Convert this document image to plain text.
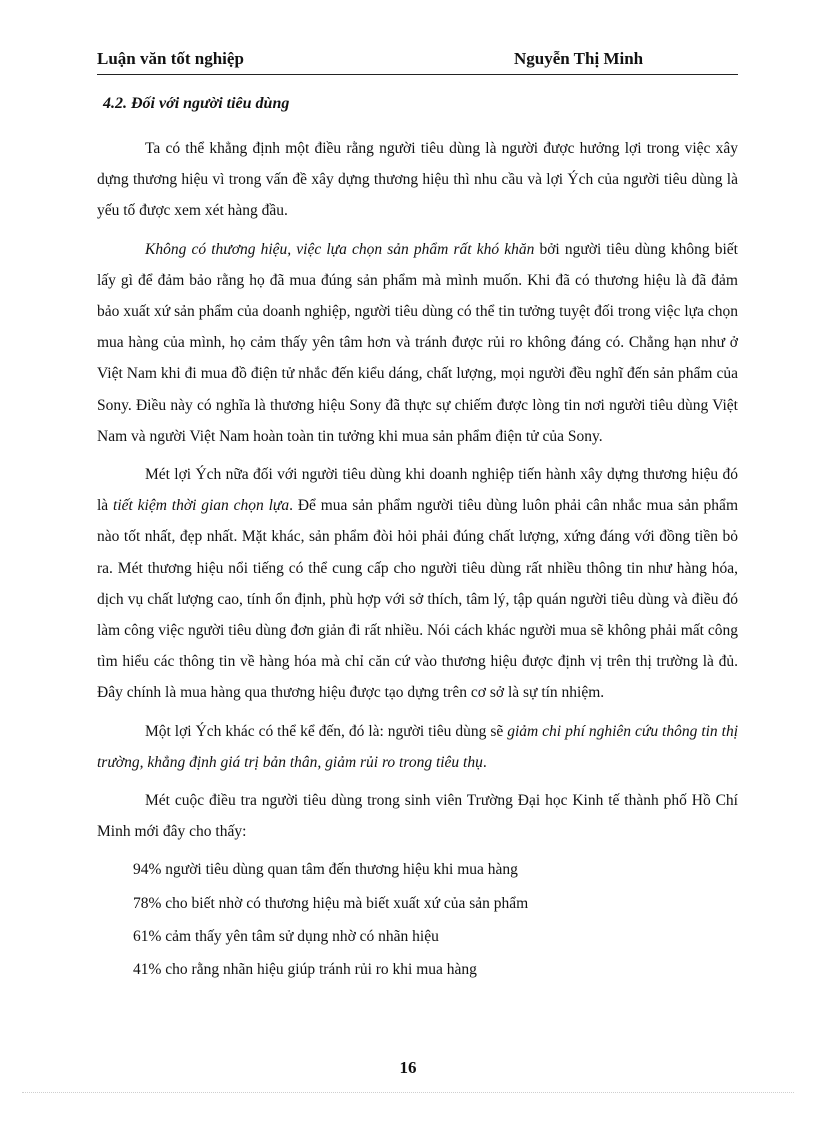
Luận văn tốt nghiệp	Nguyễn Thị Minh
4.2. Đối với người tiêu dùng

Ta có thể khẳng định một điều rằng người tiêu dùng là người được hưởng lợi trong việc xây dựng thương hiệu vì trong vấn đề xây dựng thương hiệu thì nhu cầu và lợi Ých của người tiêu dùng là yếu tố được xem xét hàng đầu.

Không có thương hiệu, việc lựa chọn sản phẩm rất khó khăn bởi người tiêu dùng không biết lấy gì để đảm bảo rằng họ đã mua đúng sản phẩm mà mình muốn. Khi đã có thương hiệu là đã đảm bảo xuất xứ sản phẩm của doanh nghiệp, người tiêu dùng có thể tin tưởng tuyệt đối trong việc lựa chọn mua hàng của mình, họ cảm thấy yên tâm hơn và tránh được rủi ro không đáng có. Chẳng hạn như ở Việt Nam khi đi mua đồ điện tử nhắc đến kiểu dáng, chất lượng, mọi người đều nghĩ đến sản phẩm của Sony. Điều này có nghĩa là thương hiệu Sony đã thực sự chiếm được lòng tin nơi người tiêu dùng Việt Nam và người Việt Nam hoàn toàn tin tưởng khi mua sản phẩm điện tử của Sony.

Mét lợi Ých nữa đối với người tiêu dùng khi doanh nghiệp tiến hành xây dựng thương hiệu đó là tiết kiệm thời gian chọn lựa. Để mua sản phẩm người tiêu dùng luôn phải cân nhắc mua sản phẩm nào tốt nhất, đẹp nhất. Mặt khác, sản phẩm đòi hỏi phải đúng chất lượng, xứng đáng với đồng tiền bỏ ra. Mét thương hiệu nổi tiếng có thể cung cấp cho người tiêu dùng rất nhiều thông tin như hàng hóa, dịch vụ chất lượng cao, tính ổn định, phù hợp với sở thích, tâm lý, tập quán người tiêu dùng và điều đó làm công việc người tiêu dùng đơn giản đi rất nhiều. Nói cách khác người mua sẽ không phải mất công tìm hiểu các thông tin về hàng hóa mà chỉ căn cứ vào thương hiệu được định vị trên thị trường là đủ. Đây chính là mua hàng qua thương hiệu được tạo dựng trên cơ sở là sự tín nhiệm.

Một lợi Ých khác có thể kể đến, đó là: người tiêu dùng sẽ giảm chi phí nghiên cứu thông tin thị trường, khẳng định giá trị bản thân, giảm rủi ro trong tiêu thụ.

Mét cuộc điều tra người tiêu dùng trong sinh viên Trường Đại học Kinh tế thành phố Hồ Chí Minh mới đây cho thấy:

94% người tiêu dùng quan tâm đến thương hiệu khi mua hàng

78% cho biết nhờ có thương hiệu mà biết xuất xứ của sản phẩm

61% cảm thấy yên tâm sử dụng nhờ có nhãn hiệu

41% cho rằng nhãn hiệu giúp tránh rủi ro khi mua hàng

16
